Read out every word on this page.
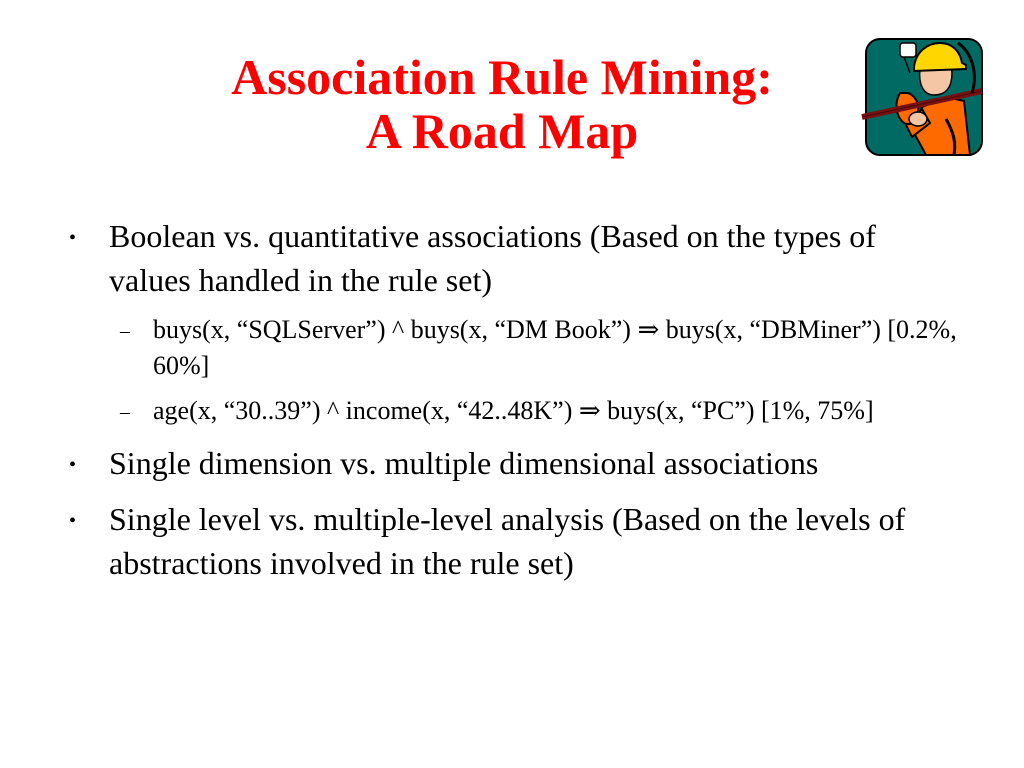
Association Rule Mining:
A Road Map
• Boolean vs. quantitative associations (Based on the types of values handled in the rule set)
– buys(x, “SQLServer”) ^ buys(x, “DM Book”) ⇒ buys(x, “DBMiner”) [0.2%, 60%]
– age(x, “30..39”) ^ income(x, “42..48K”) ⇒ buys(x, “PC”) [1%, 75%]
• Single dimension vs. multiple dimensional associations
• Single level vs. multiple-level analysis (Based on the levels of abstractions involved in the rule set)
